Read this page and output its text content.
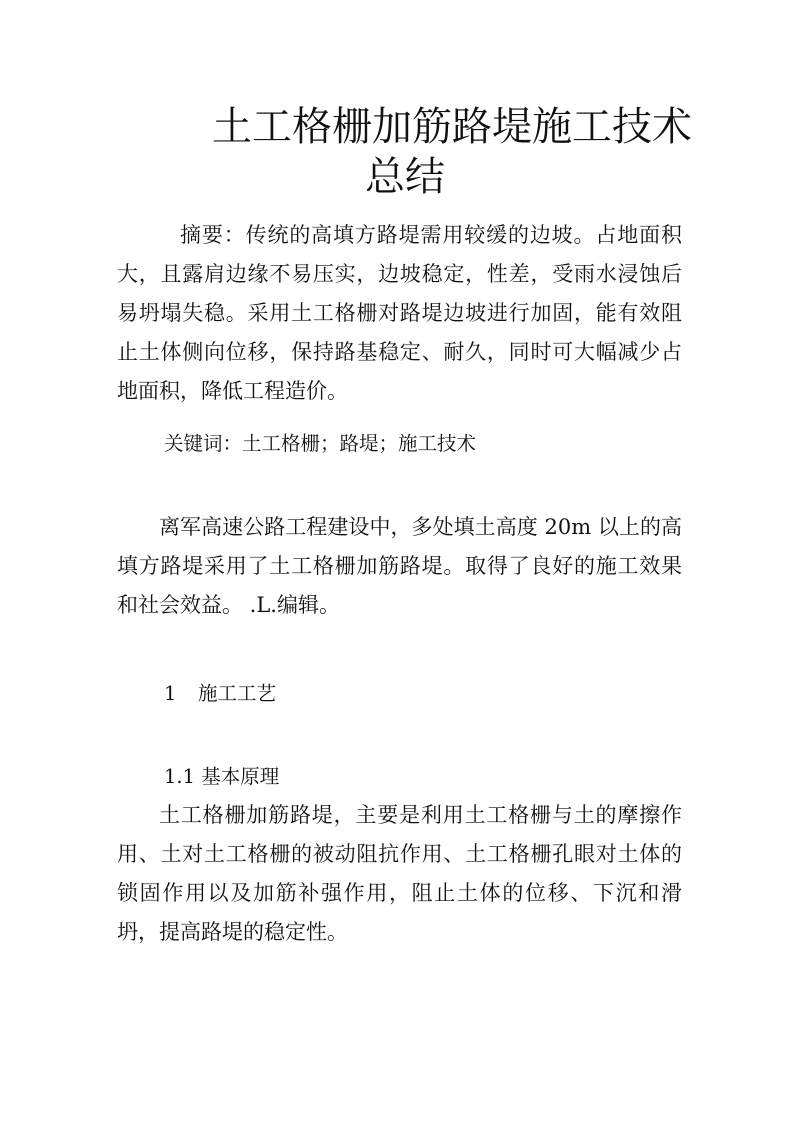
土工格栅加筋路堤施工技术
总结

摘要：传统的高填方路堤需用较缓的边坡。占地面积大，且露肩边缘不易压实，边坡稳定，性差，受雨水浸蚀后易坍塌失稳。采用土工格栅对路堤边坡进行加固，能有效阻止土体侧向位移，保持路基稳定、耐久，同时可大幅减少占地面积，降低工程造价。

关键词：土工格栅；路堤；施工技术

离军高速公路工程建设中，多处填土高度 20m 以上的高填方路堤采用了土工格栅加筋路堤。取得了良好的施工效果和社会效益。 .L.编辑。

1 施工工艺
1.1 基本原理

土工格栅加筋路堤，主要是利用土工格栅与土的摩擦作用、土对土工格栅的被动阻抗作用、土工格栅孔眼对土体的锁固作用以及加筋补强作用，阻止土体的位移、下沉和滑坍，提高路堤的稳定性。
